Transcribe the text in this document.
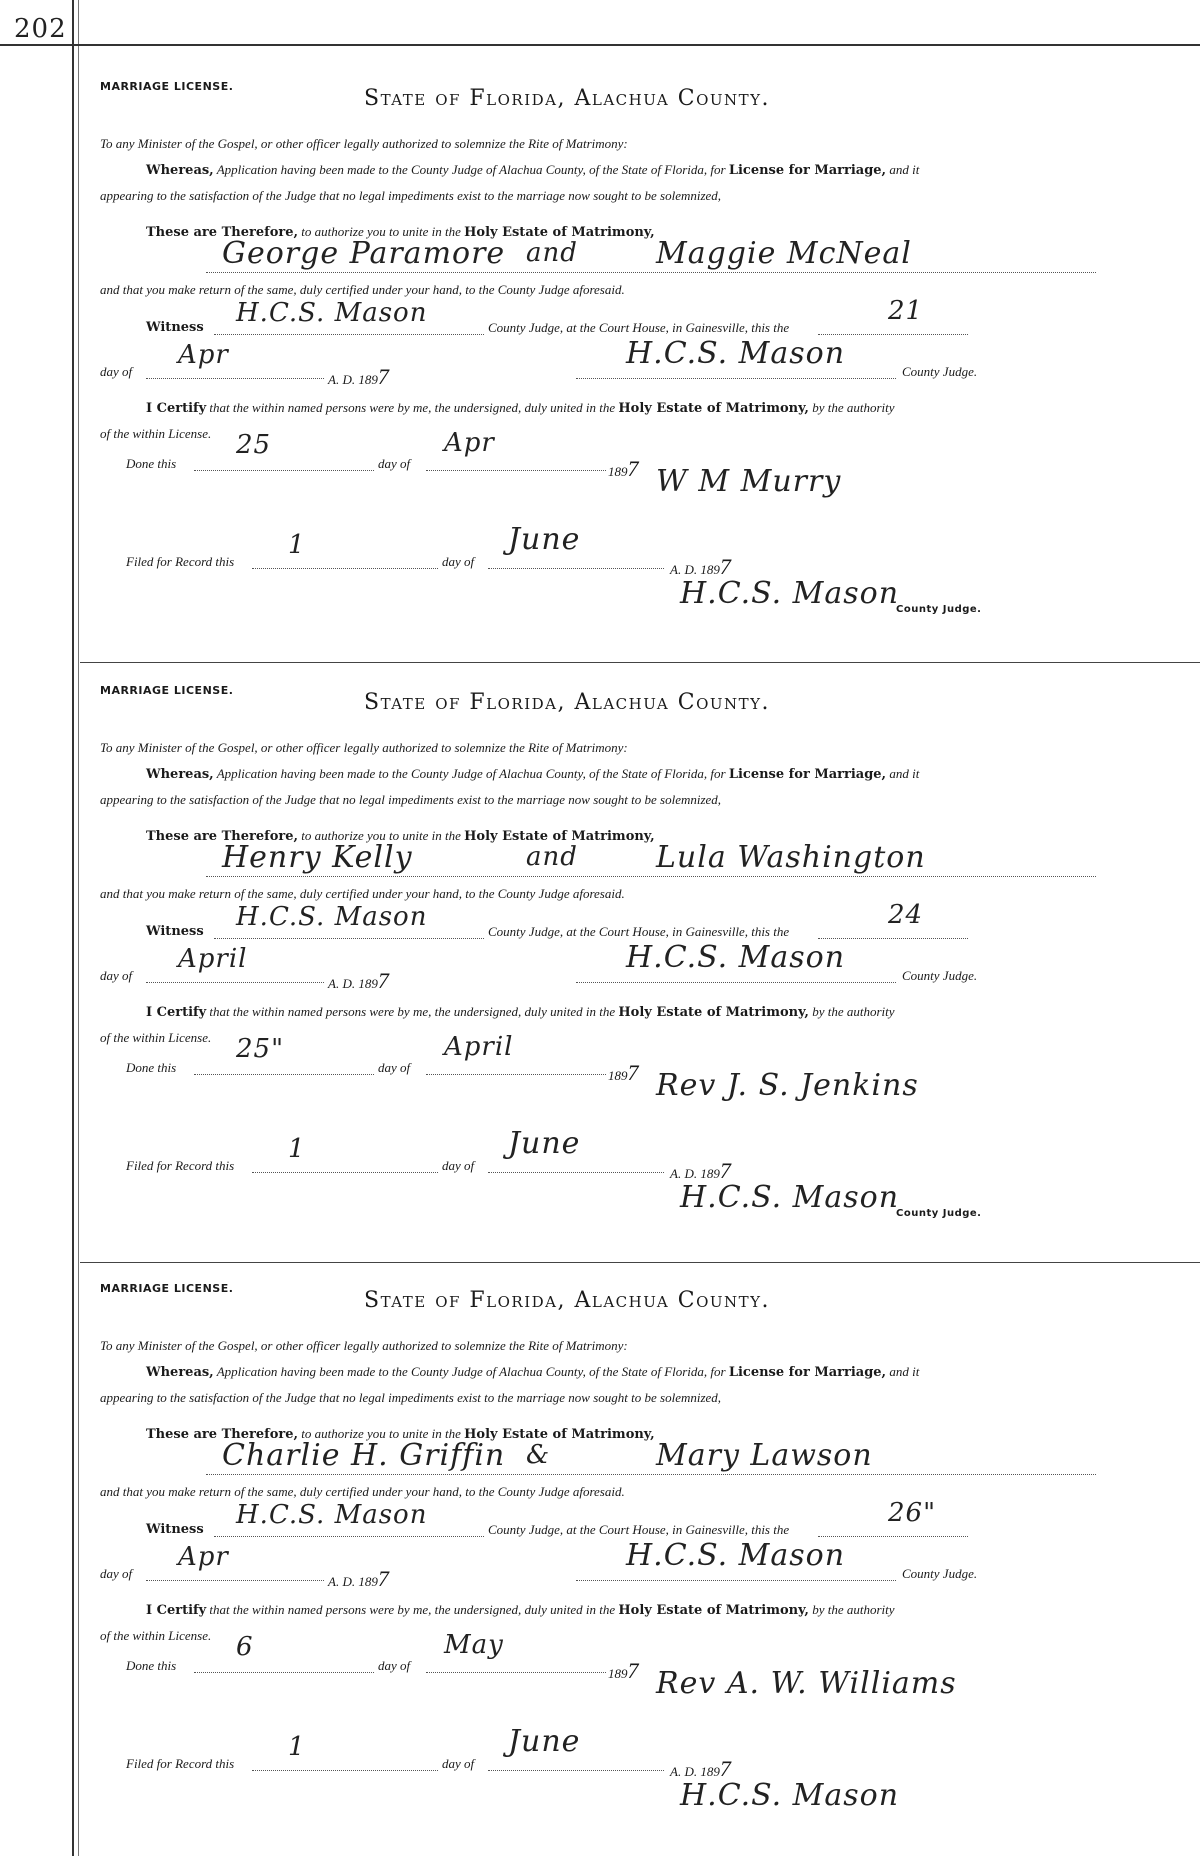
202
MARRIAGE LICENSE.	State of Florida, Alachua County.
To any Minister of the Gospel, or other officer legally authorized to solemnize the Rite of Matrimony:
Whereas, Application having been made to the County Judge of Alachua County, of the State of Florida, for License for Marriage, and it
appearing to the satisfaction of the Judge that no legal impediments exist to the marriage now sought to be solemnized,
These are Therefore, to authorize you to unite in the Holy Estate of Matrimony,
George Paramore and	Maggie McNeal
and that you make return of the same, duly certified under your hand, to the County Judge aforesaid.
Witness H.C.S. Mason	County Judge, at the Court House, in Gainesville, this the
21
day of
Apr
A. D. 1897
H.C.S. Mason
County Judge.
I Certify that the within named persons were by me, the undersigned, duly united in the Holy Estate of Matrimony, by the authority
of the within License.
Done this
25
day of
Apr
1897 W M Murry
Filed for Record this
1
day of
June
A. D. 1897
H.C.S. Mason
County Judge.
MARRIAGE LICENSE.	State of Florida, Alachua County.
To any Minister of the Gospel, or other officer legally authorized to solemnize the Rite of Matrimony:
Whereas, Application having been made to the County Judge of Alachua County, of the State of Florida, for License for Marriage, and it
appearing to the satisfaction of the Judge that no legal impediments exist to the marriage now sought to be solemnized,
These are Therefore, to authorize you to unite in the Holy Estate of Matrimony,
Henry Kelly	and	Lula Washington
and that you make return of the same, duly certified under your hand, to the County Judge aforesaid.
Witness H.C.S. Mason	County Judge, at the Court House, in Gainesville, this the
24
day of
April
A. D. 1897
H.C.S. Mason
County Judge.
I Certify that the within named persons were by me, the undersigned, duly united in the Holy Estate of Matrimony, by the authority
of the within License.
Done this
25"
day of
April
1897 Rev J. S. Jenkins
Filed for Record this
1
day of
June
A. D. 1897
H.C.S. Mason
County Judge.
MARRIAGE LICENSE.	State of Florida, Alachua County.
To any Minister of the Gospel, or other officer legally authorized to solemnize the Rite of Matrimony:
Whereas, Application having been made to the County Judge of Alachua County, of the State of Florida, for License for Marriage, and it
appearing to the satisfaction of the Judge that no legal impediments exist to the marriage now sought to be solemnized,
These are Therefore, to authorize you to unite in the Holy Estate of Matrimony,
Charlie H. Griffin &	Mary Lawson
and that you make return of the same, duly certified under your hand, to the County Judge aforesaid.
Witness H.C.S. Mason	County Judge, at the Court House, in Gainesville, this the
26"
day of
Apr
A. D. 1897
H.C.S. Mason
County Judge.
I Certify that the within named persons were by me, the undersigned, duly united in the Holy Estate of Matrimony, by the authority
of the within License.
Done this
6
day of
May
1897 Rev A. W. Williams
Filed for Record this
1
day of
June
A. D. 1897
H.C.S. Mason
